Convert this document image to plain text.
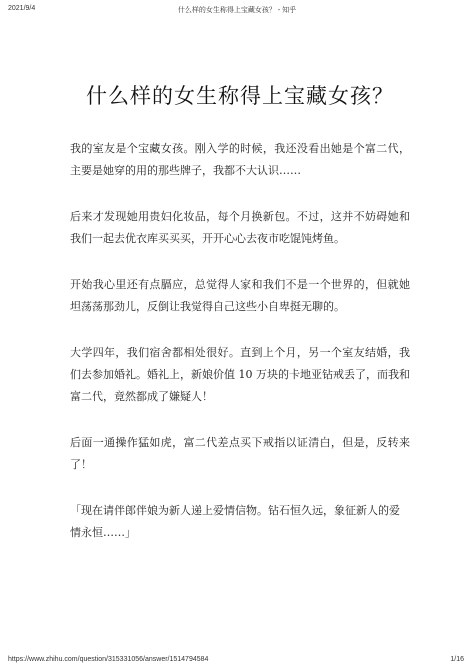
2021/9/4	什么样的女生称得上宝藏女孩？ - 知乎
什么样的女生称得上宝藏女孩？

我的室友是个宝藏女孩。刚入学的时候，我还没看出她是个富二代，主要是她穿的用的那些牌子，我都不大认识……

后来才发现她用贵妇化妆品，每个月换新包。不过，这并不妨碍她和我们一起去优衣库买买买，开开心心去夜市吃馄饨烤鱼。

开始我心里还有点膈应，总觉得人家和我们不是一个世界的，但就她坦荡荡那劲儿，反倒让我觉得自己这些小自卑挺无聊的。

大学四年，我们宿舍都相处很好。直到上个月，另一个室友结婚，我们去参加婚礼。婚礼上，新娘价值 10 万块的卡地亚钻戒丢了，而我和富二代，竟然都成了嫌疑人！

后面一通操作猛如虎，富二代差点买下戒指以证清白，但是，反转来了！

「现在请伴郎伴娘为新人递上爱情信物。钻石恒久远，象征新人的爱情永恒……」

https://www.zhihu.com/question/315331056/answer/1514794584	1/16
